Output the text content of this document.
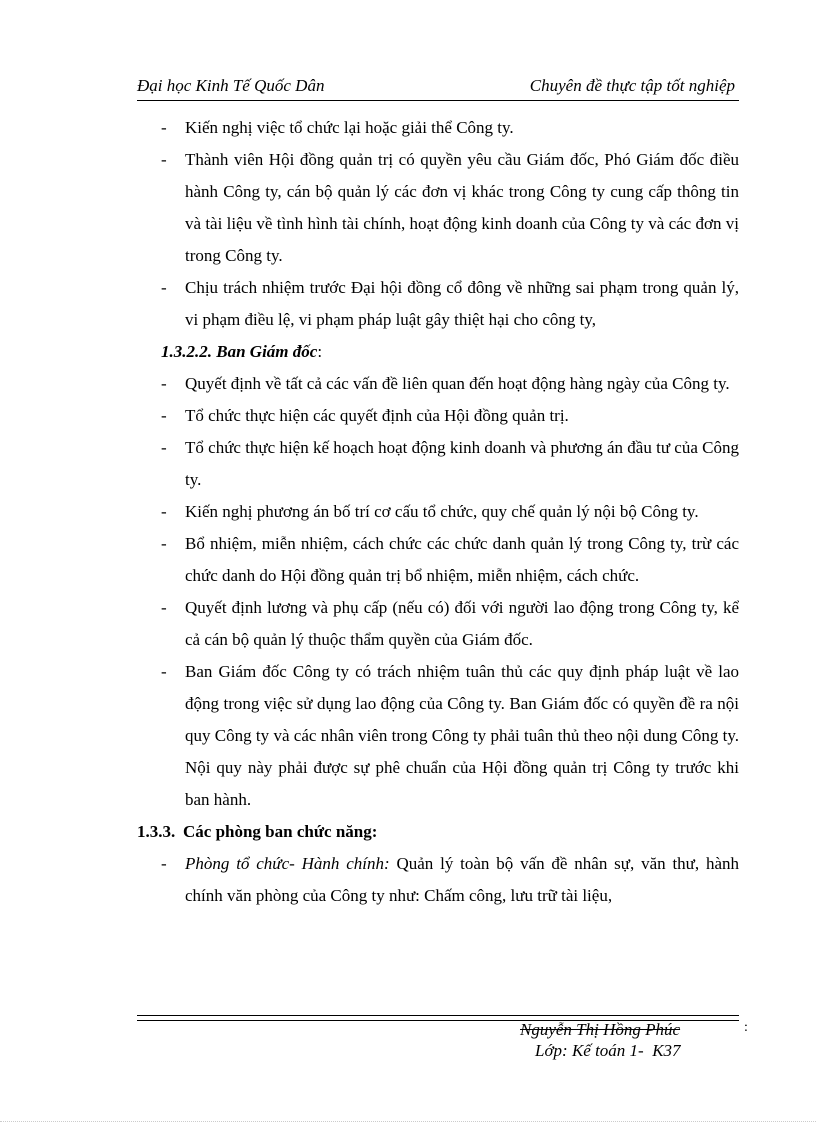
Đại học Kinh Tế Quốc Dân	Chuyên đề thực tập tốt nghiệp
- Kiến nghị việc tổ chức lại hoặc giải thể Công ty.
- Thành viên Hội đồng quản trị có quyền yêu cầu Giám đốc, Phó Giám đốc điều hành Công ty, cán bộ quản lý các đơn vị khác trong Công ty cung cấp thông tin và tài liệu về tình hình tài chính, hoạt động kinh doanh của Công ty và các đơn vị trong Công ty.
- Chịu trách nhiệm trước Đại hội đồng cổ đông về những sai phạm trong quản lý, vi phạm điều lệ, vi phạm pháp luật gây thiệt hại cho công ty,
1.3.2.2. Ban Giám đốc:
- Quyết định về tất cả các vấn đề liên quan đến hoạt động hàng ngày của Công ty.
- Tổ chức thực hiện các quyết định của Hội đồng quản trị.
- Tổ chức thực hiện kế hoạch hoạt động kinh doanh và phương án đầu tư của Công ty.
- Kiến nghị phương án bố trí cơ cấu tổ chức, quy chế quản lý nội bộ Công ty.
- Bổ nhiệm, miễn nhiệm, cách chức các chức danh quản lý trong Công ty, trừ các chức danh do Hội đồng quản trị bổ nhiệm, miễn nhiệm, cách chức.
- Quyết định lương và phụ cấp (nếu có) đối với người lao động trong Công ty, kể cả cán bộ quản lý thuộc thẩm quyền của Giám đốc.
- Ban Giám đốc Công ty có trách nhiệm tuân thủ các quy định pháp luật về lao động trong việc sử dụng lao động của Công ty. Ban Giám đốc có quyền đề ra nội quy Công ty và các nhân viên trong Công ty phải tuân thủ theo nội dung Công ty. Nội quy này phải được sự phê chuẩn của Hội đồng quản trị Công ty trước khi ban hành.
1.3.3. Các phòng ban chức năng:
- Phòng tổ chức- Hành chính: Quản lý toàn bộ vấn đề nhân sự, văn thư, hành chính văn phòng của Công ty như: Chấm công, lưu trữ tài liệu,
Nguyễn Thị Hồng Phúc	:
Lớp: Kế toán 1-  K37
